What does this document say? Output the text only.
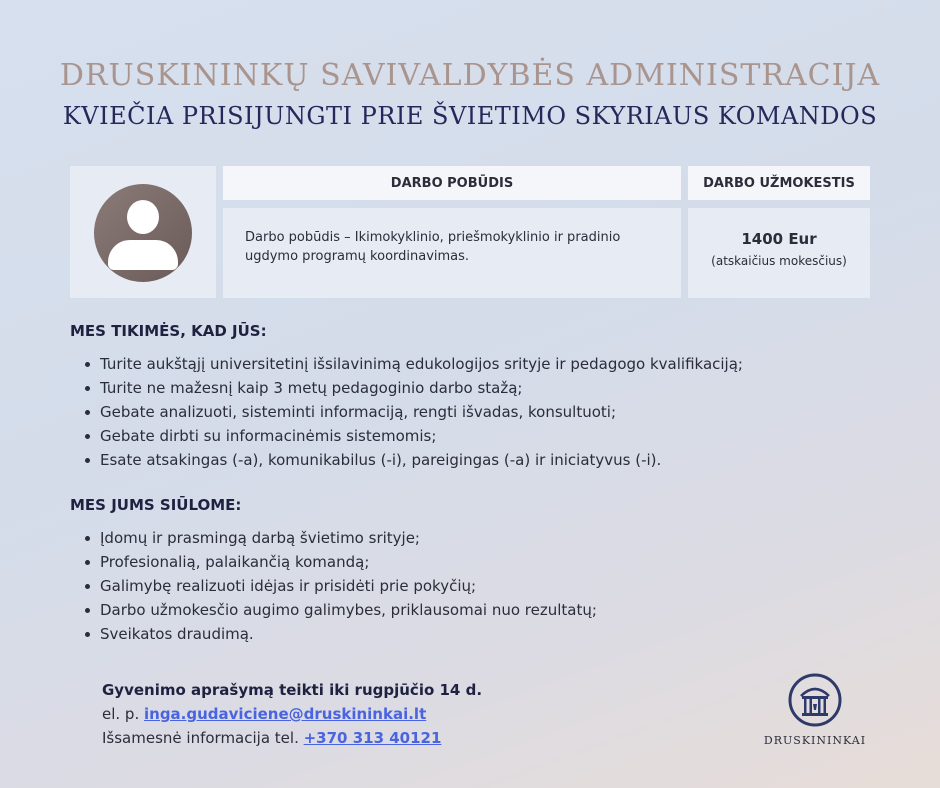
DRUSKININKŲ SAVIVALDYBĖS ADMINISTRACIJA
KVIEČIA PRISIJUNGTI PRIE ŠVIETIMO SKYRIAUS KOMANDOS
DARBO POBŪDIS	DARBO UŽMOKESTIS
Darbo pobūdis – Ikimokyklinio, priešmokyklinio ir pradinio ugdymo programų koordinavimas.
1400 Eur
(atskaičius mokesčius)
MES TIKIMĖS, KAD JŪS:
Turite aukštąjį universitetinį išsilavinimą edukologijos srityje ir pedagogo kvalifikaciją;
Turite ne mažesnį kaip 3 metų pedagoginio darbo stažą;
Gebate analizuoti, sisteminti informaciją, rengti išvadas, konsultuoti;
Gebate dirbti su informacinėmis sistemomis;
Esate atsakingas (-a), komunikabilus (-i), pareigingas (-a) ir iniciatyvus (-i).
MES JUMS SIŪLOME:
Įdomų ir prasmingą darbą švietimo srityje;
Profesionalią, palaikančią komandą;
Galimybę realizuoti idėjas ir prisidėti prie pokyčių;
Darbo užmokesčio augimo galimybes, priklausomai nuo rezultatų;
Sveikatos draudimą.
Gyvenimo aprašymą teikti iki rugpjūčio 14 d.
el. p. inga.gudaviciene@druskininkai.lt
Išsamesnė informacija tel. +370 313 40121	DRUSKININKAI
